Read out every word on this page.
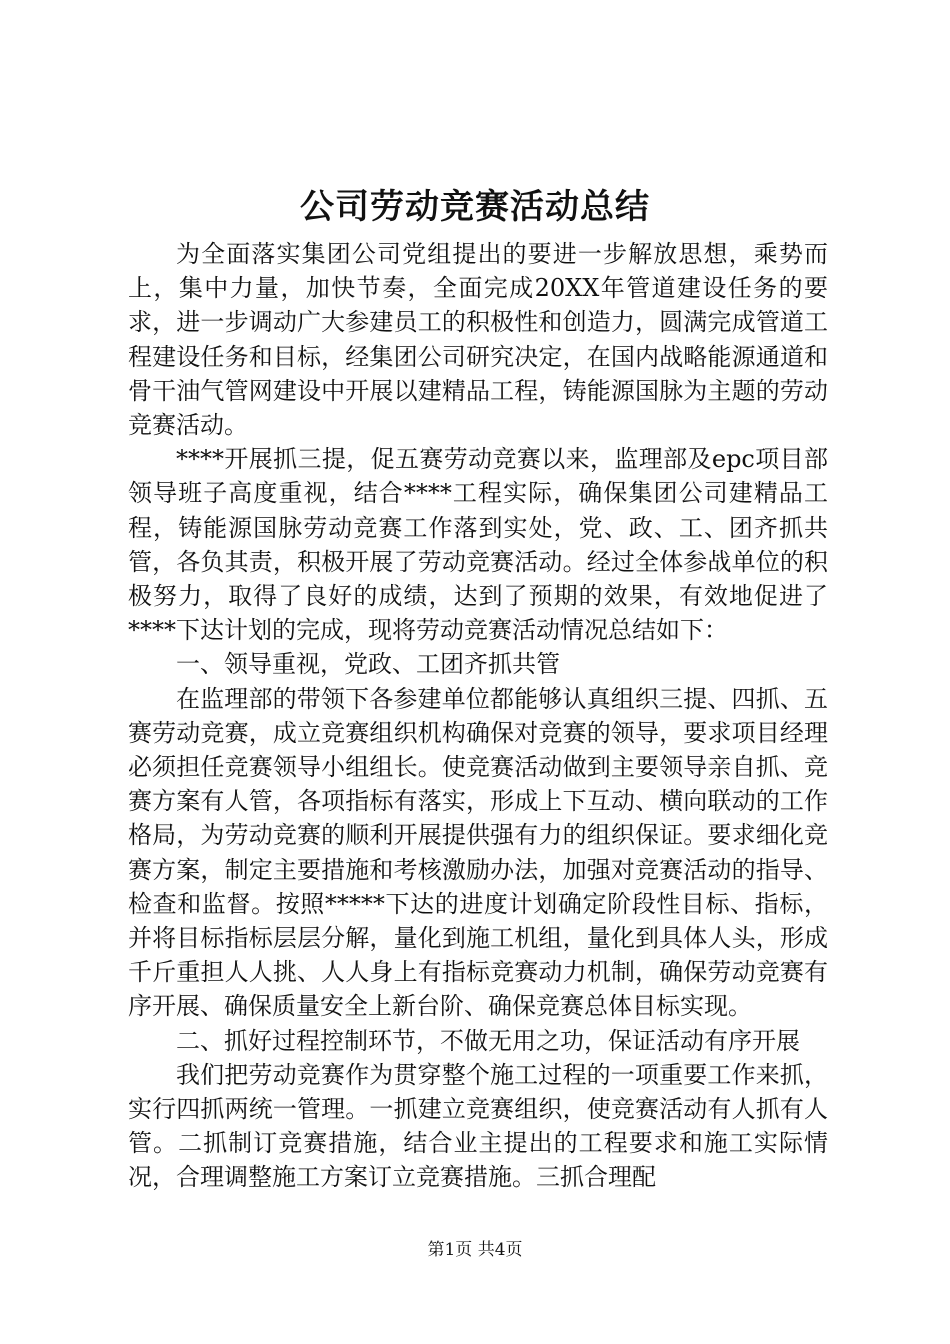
公司劳动竞赛活动总结

为全面落实集团公司党组提出的要进一步解放思想，乘势而上，集中力量，加快节奏，全面完成20XX年管道建设任务的要求，进一步调动广大参建员工的积极性和创造力，圆满完成管道工程建设任务和目标，经集团公司研究决定，在国内战略能源通道和骨干油气管网建设中开展以建精品工程，铸能源国脉为主题的劳动竞赛活动。

****开展抓三提，促五赛劳动竞赛以来，监理部及epc项目部领导班子高度重视，结合****工程实际，确保集团公司建精品工程，铸能源国脉劳动竞赛工作落到实处，党、政、工、团齐抓共管，各负其责，积极开展了劳动竞赛活动。经过全体参战单位的积极努力，取得了良好的成绩，达到了预期的效果，有效地促进了****下达计划的完成，现将劳动竞赛活动情况总结如下：

一、领导重视，党政、工团齐抓共管

在监理部的带领下各参建单位都能够认真组织三提、四抓、五赛劳动竞赛，成立竞赛组织机构确保对竞赛的领导，要求项目经理必须担任竞赛领导小组组长。使竞赛活动做到主要领导亲自抓、竞赛方案有人管，各项指标有落实，形成上下互动、横向联动的工作格局，为劳动竞赛的顺利开展提供强有力的组织保证。要求细化竞赛方案，制定主要措施和考核激励办法，加强对竞赛活动的指导、检查和监督。按照*****下达的进度计划确定阶段性目标、指标，并将目标指标层层分解，量化到施工机组，量化到具体人头，形成千斤重担人人挑、人人身上有指标竞赛动力机制，确保劳动竞赛有序开展、确保质量安全上新台阶、确保竞赛总体目标实现。

二、抓好过程控制环节，不做无用之功，保证活动有序开展

我们把劳动竞赛作为贯穿整个施工过程的一项重要工作来抓，实行四抓两统一管理。一抓建立竞赛组织，使竞赛活动有人抓有人管。二抓制订竞赛措施，结合业主提出的工程要求和施工实际情况，合理调整施工方案订立竞赛措施。三抓合理配

第1页 共4页
